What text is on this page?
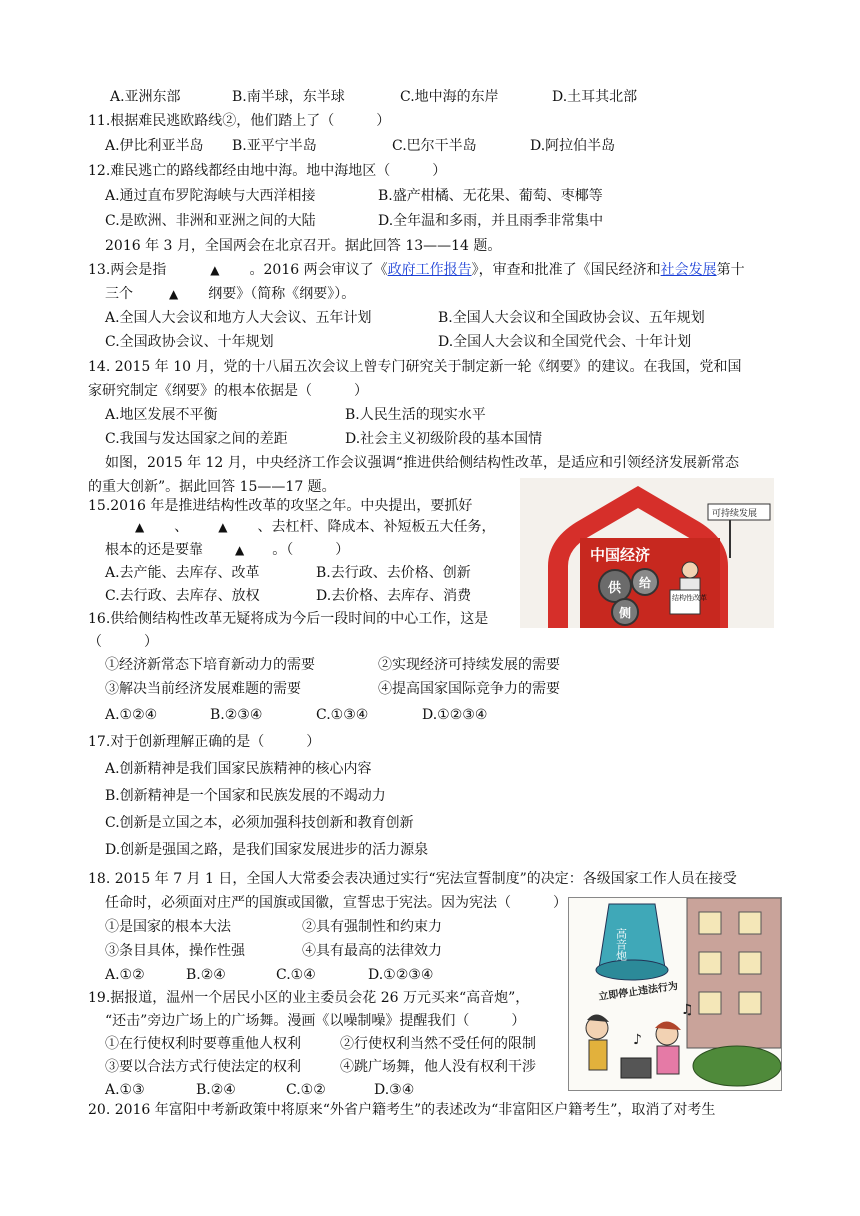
A.亚洲东部	B.南半球，东半球	C.地中海的东岸	D.土耳其北部
11.根据难民逃欧路线②，他们踏上了（　　　）
A.伊比利亚半岛 B.亚平宁半岛	C.巴尔干半岛	D.阿拉伯半岛
12.难民逃亡的路线都经由地中海。地中海地区（　　　）
A.通过直布罗陀海峡与大西洋相接	B.盛产柑橘、无花果、葡萄、枣椰等
C.是欧洲、非洲和亚洲之间的大陆	D.全年温和多雨，并且雨季非常集中
2016 年 3 月，全国两会在北京召开。据此回答 13——14 题。
13.两会是指	▲ 。2016 两会审议了《政府工作报告》，审查和批准了《国民经济和社会发展第十
三个	▲ 纲要》（简称《纲要》）。
A.全国人大会议和地方人大会议、五年计划	B.全国人大会议和全国政协会议、五年规划
C.全国政协会议、十年规划	D.全国人大会议和全国党代会、十年计划
14. 2015 年 10 月，党的十八届五次会议上曾专门研究关于制定新一轮《纲要》的建议。在我国，党和国
家研究制定《纲要》的根本依据是（　　　）
A.地区发展不平衡	B.人民生活的现实水平
C.我国与发达国家之间的差距	D.社会主义初级阶段的基本国情
如图，2015 年 12 月，中央经济工作会议强调“推进供给侧结构性改革，是适应和引领经济发展新常态
的重大创新”。据此回答 15——17 题。
15.2016 年是推进结构性改革的攻坚之年。中央提出，要抓好
▲ 、	▲ 、去杠杆、降成本、补短板五大任务，
根本的还是要靠	▲ 。（　　　）
A.去产能、去库存、改革	B.去行政、去价格、创新
C.去行政、去库存、放权	D.去价格、去库存、消费
中国经济
供 给
侧
结构性改革
可持续发展
16.供给侧结构性改革无疑将成为今后一段时间的中心工作，这是
（　　　）
①经济新常态下培育新动力的需要	②实现经济可持续发展的需要
③解决当前经济发展难题的需要	④提高国家国际竞争力的需要
A.①②④	B.②③④	C.①③④	D.①②③④
17.对于创新理解正确的是（　　　）
A.创新精神是我们国家民族精神的核心内容
B.创新精神是一个国家和民族发展的不竭动力
C.创新是立国之本，必须加强科技创新和教育创新
D.创新是强国之路，是我们国家发展进步的活力源泉
18. 2015 年 7 月 1 日，全国人大常委会表决通过实行“宪法宣誓制度”的决定：各级国家工作人员在接受
任命时，必须面对庄严的国旗或国徽，宣誓忠于宪法。因为宪法（　　　）
①是国家的根本大法	②具有强制性和约束力
③条目具体，操作性强	④具有最高的法律效力
A.①②	B.②④	C.①④	D.①②③④
19.据报道，温州一个居民小区的业主委员会花 26 万元买来“高音炮”，
“还击”旁边广场上的广场舞。漫画《以噪制噪》提醒我们（　　　）
①在行使权利时要尊重他人权利	②行使权利当然不受任何的限制
③要以合法方式行使法定的权利	④跳广场舞，他人没有权利干涉
A.①③	B.②④	C.①②	D.③④
高音炮
立即停止违法行为
♪
♫
20. 2016 年富阳中考新政策中将原来“外省户籍考生”的表述改为“非富阳区户籍考生”，取消了对考生
